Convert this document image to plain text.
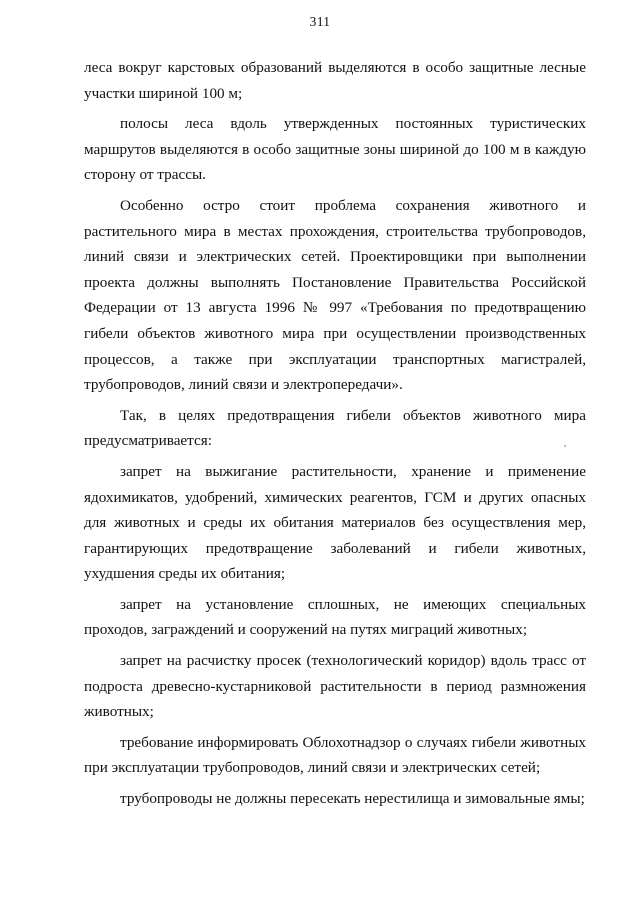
311

леса вокруг карстовых образований выделяются в особо защитные лесные участки шириной 100 м;

полосы леса вдоль утвержденных постоянных туристических маршрутов выделяются в особо защитные зоны шириной до 100 м в каждую сторону от трассы.

Особенно остро стоит проблема сохранения животного и растительного мира в местах прохождения, строительства трубопроводов, линий связи и электрических сетей. Проектировщики при выполнении проекта должны выполнять Постановление Правительства Российской Федерации от 13 августа 1996 № 997 «Требования по предотвращению гибели объектов животного мира при осуществлении производственных процессов, а также при эксплуатации транспортных магистралей, трубопроводов, линий связи и электропередачи».

Так, в целях предотвращения гибели объектов животного мира предусматривается:

запрет на выжигание растительности, хранение и применение ядохимикатов, удобрений, химических реагентов, ГСМ и других опасных для животных и среды их обитания материалов без осуществления мер, гарантирующих предотвращение заболеваний и гибели животных, ухудшения среды их обитания;

запрет на установление сплошных, не имеющих специальных проходов, заграждений и сооружений на путях миграций животных;

запрет на расчистку просек (технологический коридор) вдоль трасс от подроста древесно-кустарниковой растительности в период размножения животных;

требование информировать Облохотнадзор о случаях гибели животных при эксплуатации трубопроводов, линий связи и электрических сетей;

трубопроводы не должны пересекать нерестилища и зимовальные ямы;

,
